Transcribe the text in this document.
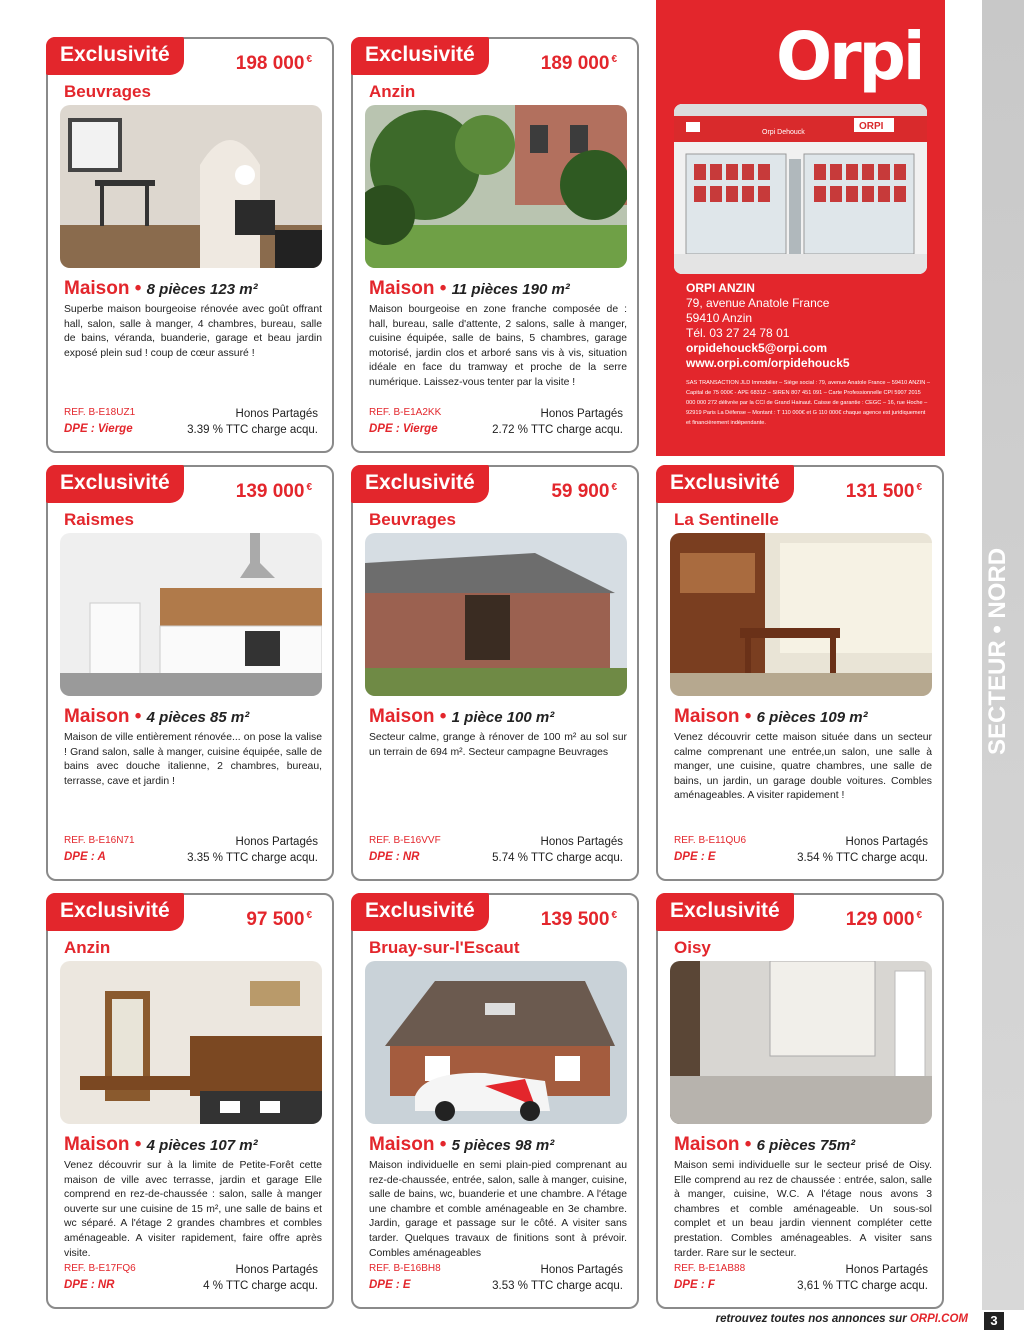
Orpi
ORPI
Orpi Dehouck
ORPI ANZIN
79, avenue Anatole France
59410 Anzin
Tél. 03 27 24 78 01
orpidehouck5@orpi.com
www.orpi.com/orpidehouck5
SAS TRANSACTION JLD Immobilier – Siège social : 79, avenue Anatole France – 59410 ANZIN – Capital de 75 000€ - APE 6831Z – SIREN 807 451 091 – Carte Professionnelle CPI 5907 2015 000 000 272 délivrée par la CCI de Grand Hainaut. Caisse de garantie : CEGC – 16, rue Hoche – 92919 Paris La Défense – Montant : T 110 000€ et G 110 000€ chaque agence est juridiquement et financièrement indépendante.
Exclusivité	198 000 €
Beuvrages
Maison • 8 pièces 123 m²
Superbe maison bourgeoise rénovée avec goût offrant hall, salon, salle à manger, 4 chambres, bureau, salle de bains, véranda, buanderie, garage et beau jardin exposé plein sud ! coup de cœur assuré !
REF. B-E18UZ1
DPE : Vierge
Honos Partagés
3.39 % TTC charge acqu.
Exclusivité	189 000 €
Anzin
Maison • 11 pièces 190 m²
Maison bourgeoise en zone franche composée de : hall, bureau, salle d'attente, 2 salons, salle à manger, cuisine équipée, salle de bains, 5 chambres, garage motorisé, jardin clos et arboré sans vis à vis, situation idéale en face du tramway et proche de la serre numérique. Laissez-vous tenter par la visite !
REF. B-E1A2KK
DPE : Vierge
Honos Partagés
2.72 % TTC charge acqu.
Exclusivité	139 000 €
Raismes
Maison • 4 pièces 85 m²
Maison de ville entièrement rénovée... on pose la valise ! Grand salon, salle à manger, cuisine équipée, salle de bains avec douche italienne, 2 chambres, bureau, terrasse, cave et jardin !
REF. B-E16N71
DPE : A
Honos Partagés
3.35 % TTC charge acqu.
Exclusivité	59 900 €
Beuvrages
Maison • 1 pièce 100 m²
Secteur calme, grange à rénover de 100 m² au sol sur un terrain de 694 m². Secteur campagne Beuvrages
REF. B-E16VVF
DPE : NR
Honos Partagés
5.74 % TTC charge acqu.
Exclusivité	131 500 €
La Sentinelle
Maison • 6 pièces 109 m²
Venez découvrir cette maison située dans un secteur calme comprenant une entrée,un salon, une salle à manger, une cuisine, quatre chambres, une salle de bains, un jardin, un garage double voitures. Combles aménageables. A visiter rapidement !
REF. B-E11QU6
DPE : E
Honos Partagés
3.54 % TTC charge acqu.
Exclusivité	97 500 €
Anzin
Maison • 4 pièces 107 m²
Venez découvrir sur à la limite de Petite-Forêt cette maison de ville avec terrasse, jardin et garage Elle comprend en rez-de-chaussée : salon, salle à manger ouverte sur une cuisine de 15 m², une salle de bains et wc séparé. A l'étage 2 grandes chambres et combles aménageable. A visiter rapidement, faire offre après visite.
REF. B-E17FQ6
DPE : NR
Honos Partagés
4 % TTC charge acqu.
Exclusivité	139 500 €
Bruay-sur-l'Escaut
Maison • 5 pièces 98 m²
Maison individuelle en semi plain-pied comprenant au rez-de-chaussée, entrée, salon, salle à manger, cuisine, salle de bains, wc, buanderie et une chambre. A l'étage une chambre et comble aménageable en 3e chambre. Jardin, garage et passage sur le côté. A visiter sans tarder. Quelques travaux de finitions sont à prévoir. Combles aménageables
REF. B-E16BH8
DPE : E
Honos Partagés
3.53 % TTC charge acqu.
Exclusivité	129 000 €
Oisy
Maison • 6 pièces 75m²
Maison semi individuelle sur le secteur prisé de Oisy. Elle comprend au rez de chaussée : entrée, salon, salle à manger, cuisine, W.C. A l'étage nous avons 3 chambres et comble aménageable. Un sous-sol complet et un beau jardin viennent compléter cette prestation. Combles aménageables. A visiter sans tarder. Rare sur le secteur.
REF. B-E1AB88
DPE : F
Honos Partagés
3,61 % TTC charge acqu.
SECTEUR • NORD
retrouvez toutes nos annonces sur ORPI.COM	3
